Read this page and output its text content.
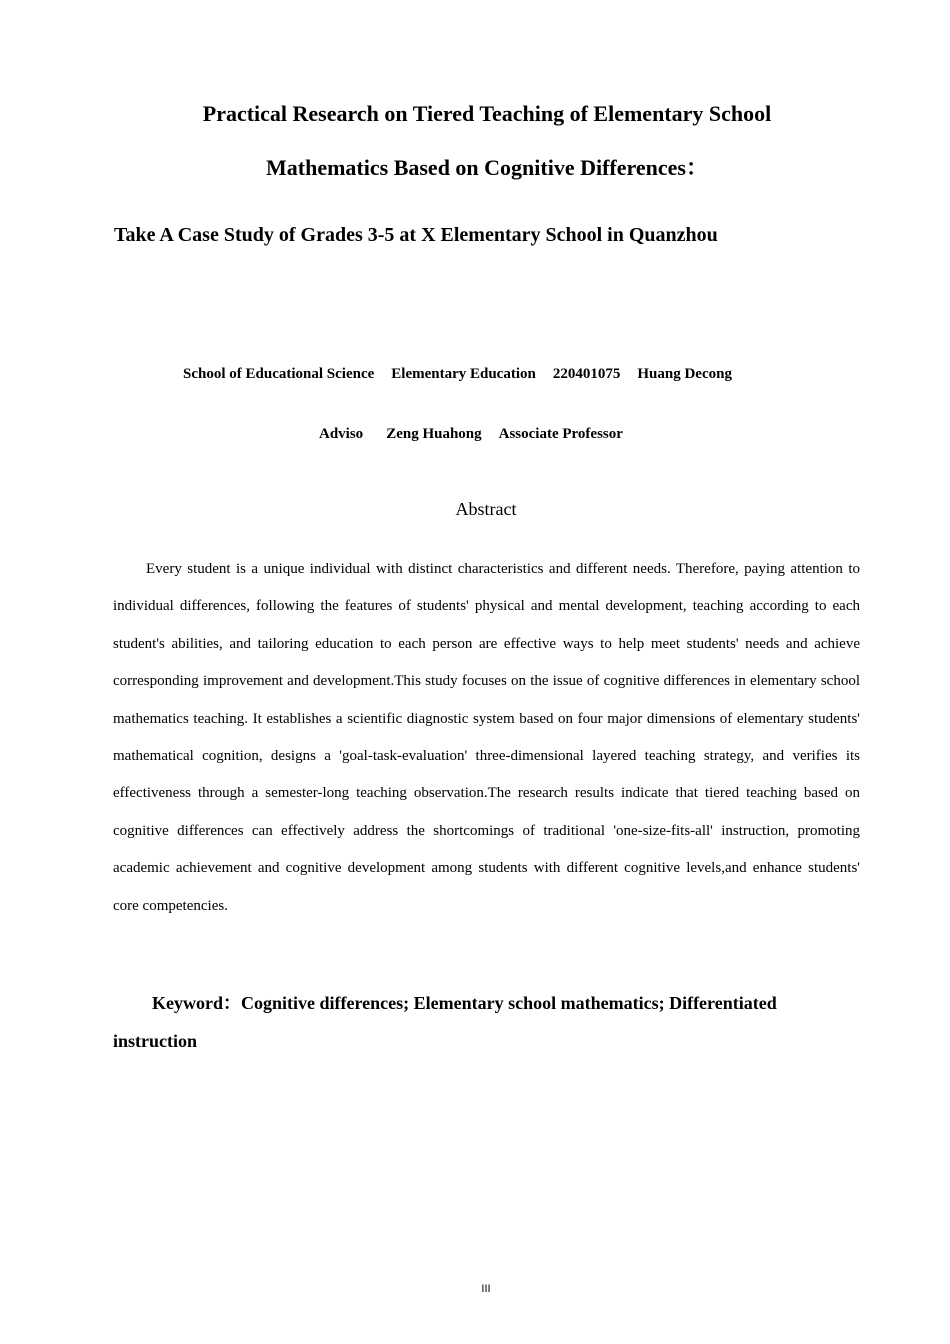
Practical Research on Tiered Teaching of Elementary School
Mathematics Based on Cognitive Differences：
Take A Case Study of Grades 3-5 at X Elementary School in Quanzhou
School of Educational Science Elementary Education 220401075 Huang Decong
Adviso Zeng Huahong Associate Professor
Abstract

Every student is a unique individual with distinct characteristics and different needs. Therefore, paying attention to individual differences, following the features of students' physical and mental development, teaching according to each student's abilities, and tailoring education to each person are effective ways to help meet students' needs and achieve corresponding improvement and development.This study focuses on the issue of cognitive differences in elementary school mathematics teaching. It establishes a scientific diagnostic system based on four major dimensions of elementary students' mathematical cognition, designs a 'goal-task-evaluation' three-dimensional layered teaching strategy, and verifies its effectiveness through a semester-long teaching observation.The research results indicate that tiered teaching based on cognitive differences can effectively address the shortcomings of traditional 'one-size-fits-all' instruction, promoting academic achievement and cognitive development among students with different cognitive levels,and enhance students' core competencies.

Keyword：Cognitive differences; Elementary school mathematics; Differentiated instruction

III
